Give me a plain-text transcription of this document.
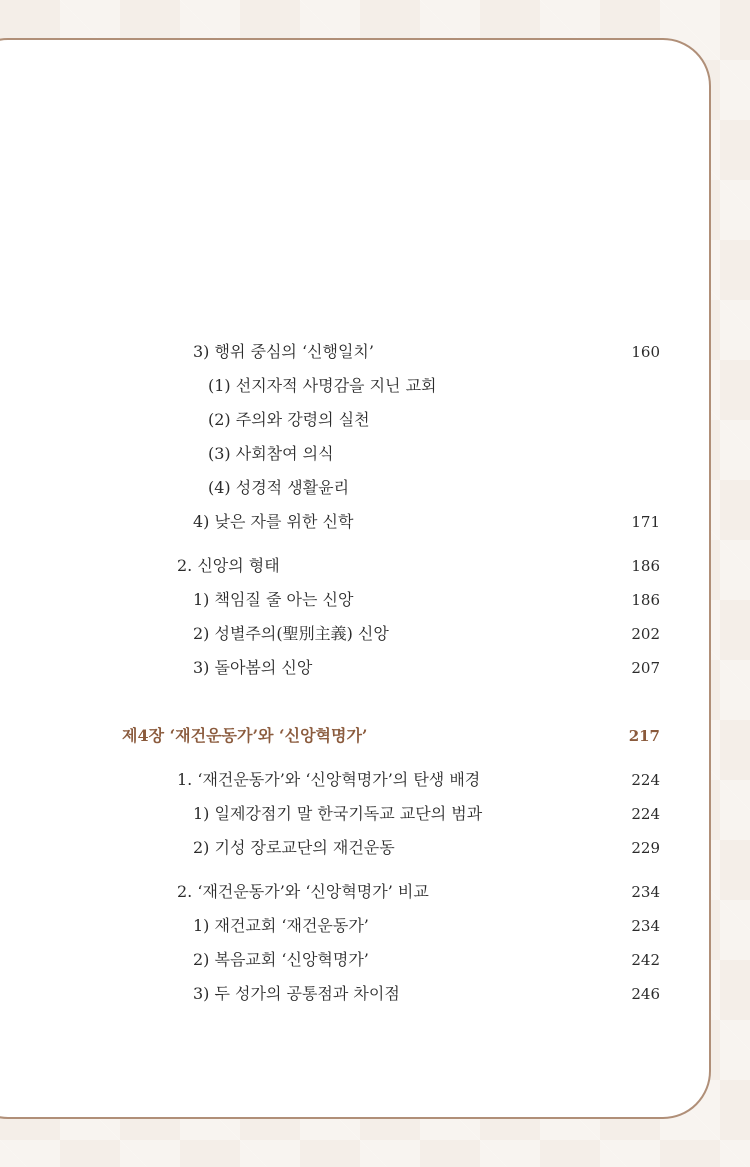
3) 행위 중심의 ‘신행일치’	160
(1) 선지자적 사명감을 지닌 교회
(2) 주의와 강령의 실천
(3) 사회참여 의식
(4) 성경적 생활윤리
4) 낮은 자를 위한 신학	171
2. 신앙의 형태	186
1) 책임질 줄 아는 신앙	186
2) 성별주의(聖別主義) 신앙	202
3) 돌아봄의 신앙	207
제4장 ‘재건운동가’와 ‘신앙혁명가’	217
1. ‘재건운동가’와 ‘신앙혁명가’의 탄생 배경	224
1) 일제강점기 말 한국기독교 교단의 범과	224
2) 기성 장로교단의 재건운동	229
2. ‘재건운동가’와 ‘신앙혁명가’ 비교	234
1) 재건교회 ‘재건운동가’	234
2) 복음교회 ‘신앙혁명가’	242
3) 두 성가의 공통점과 차이점	246
